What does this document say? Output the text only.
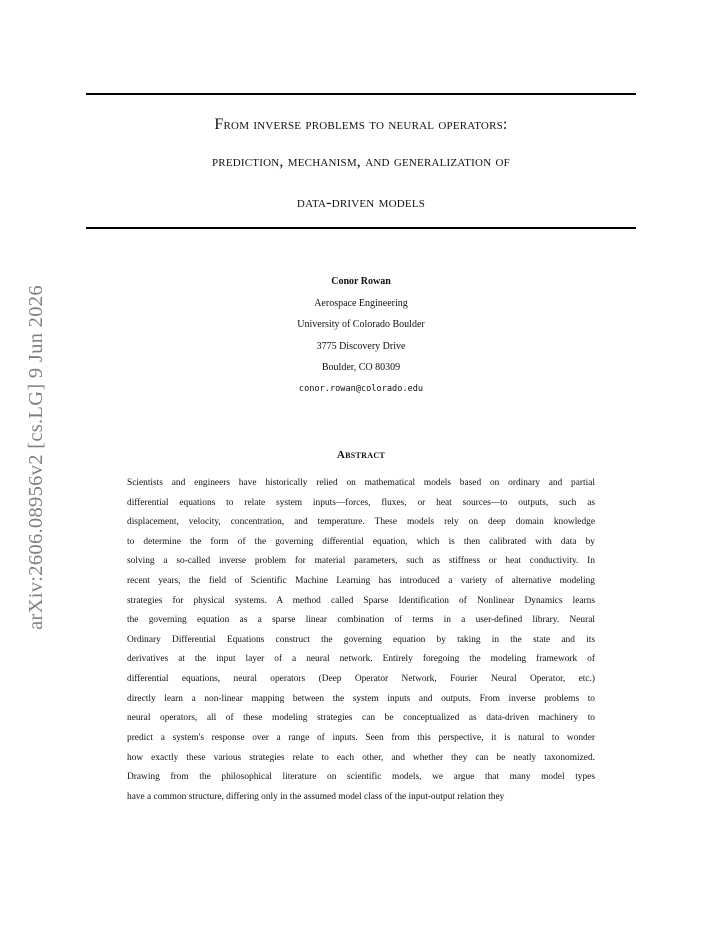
arXiv:2606.08956v2 [cs.LG] 9 Jun 2026
From inverse problems to neural operators:
prediction, mechanism, and generalization of
data-driven models
Conor Rowan
Aerospace Engineering
University of Colorado Boulder
3775 Discovery Drive
Boulder, CO 80309
conor.rowan@colorado.edu
Abstract
Scientists and engineers have historically relied on mathematical models based on ordinary and partial
differential equations to relate system inputs—forces, fluxes, or heat sources—to outputs, such as
displacement, velocity, concentration, and temperature. These models rely on deep domain knowledge
to determine the form of the governing differential equation, which is then calibrated with data by
solving a so-called inverse problem for material parameters, such as stiffness or heat conductivity. In
recent years, the field of Scientific Machine Learning has introduced a variety of alternative modeling
strategies for physical systems. A method called Sparse Identification of Nonlinear Dynamics learns
the governing equation as a sparse linear combination of terms in a user-defined library. Neural
Ordinary Differential Equations construct the governing equation by taking in the state and its
derivatives at the input layer of a neural network. Entirely foregoing the modeling framework of
differential equations, neural operators (Deep Operator Network, Fourier Neural Operator, etc.)
directly learn a non-linear mapping between the system inputs and outputs. From inverse problems to
neural operators, all of these modeling strategies can be conceptualized as data-driven machinery to
predict a system's response over a range of inputs. Seen from this perspective, it is natural to wonder
how exactly these various strategies relate to each other, and whether they can be neatly taxonomized.
Drawing from the philosophical literature on scientific models, we argue that many model types
have a common structure, differing only in the assumed model class of the input-output relation they
